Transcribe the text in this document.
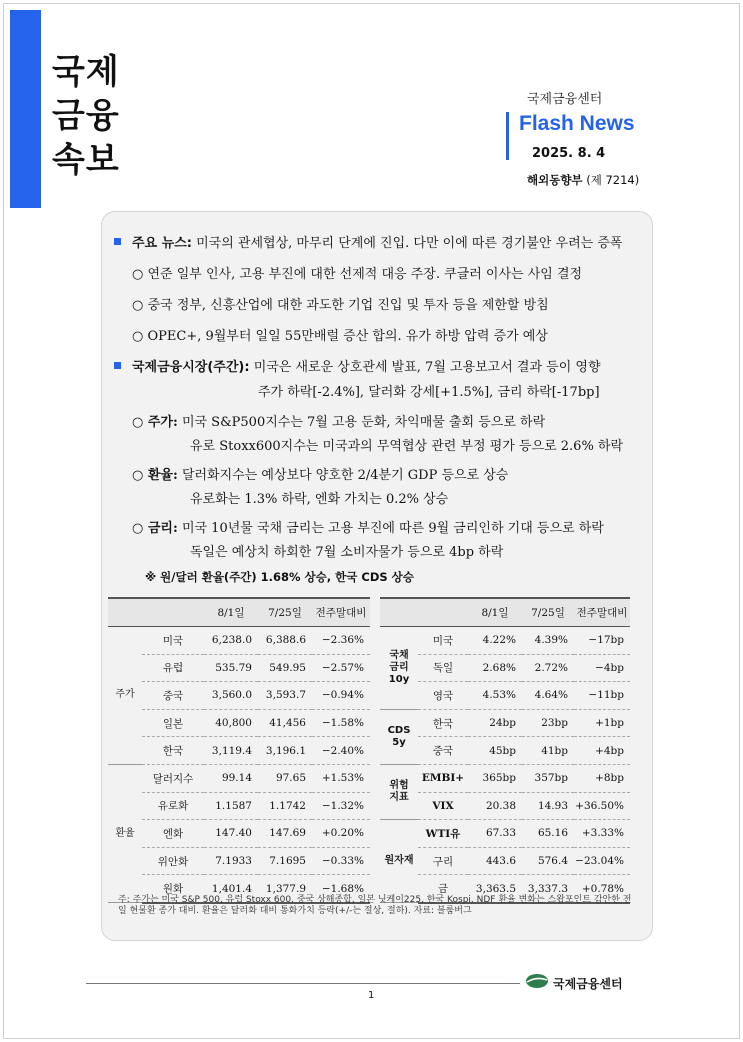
국제
금융
속보
국제금융센터
Flash News
2025. 8. 4
해외동향부 (제 7214)
주요 뉴스: 미국의 관세협상, 마무리 단계에 진입. 다만 이에 따른 경기불안 우려는 증폭
○ 연준 일부 인사, 고용 부진에 대한 선제적 대응 주장. 쿠글러 이사는 사임 결정
○ 중국 정부, 신흥산업에 대한 과도한 기업 진입 및 투자 등을 제한할 방침
○ OPEC+, 9월부터 일일 55만배럴 증산 합의. 유가 하방 압력 증가 예상
국제금융시장(주간): 미국은 새로운 상호관세 발표, 7월 고용보고서 결과 등이 영향
주가 하락[-2.4%], 달러화 강세[+1.5%], 금리 하락[-17bp]
○ 주가: 미국 S&P500지수는 7월 고용 둔화, 차익매물 출회 등으로 하락
유로 Stoxx600지수는 미국과의 무역협상 관련 부정 평가 등으로 2.6% 하락
○ 환율: 달러화지수는 예상보다 양호한 2/4분기 GDP 등으로 상승
유로화는 1.3% 하락, 엔화 가치는 0.2% 상승
○ 금리: 미국 10년물 국채 금리는 고용 부진에 따른 9월 금리인하 기대 등으로 하락
독일은 예상치 하회한 7월 소비자물가 등으로 4bp 하락
※ 원/달러 환율(주간) 1.68% 상승, 한국 CDS 상승
		8/1일	7/25일	전주말대비
주가	미국	6,238.0	6,388.6	−2.36%
	유럽	535.79	549.95	−2.57%
	중국	3,560.0	3,593.7	−0.94%
	일본	40,800	41,456	−1.58%
	한국	3,119.4	3,196.1	−2.40%
환율	달러지수	99.14	97.65	+1.53%
	유로화	1.1587	1.1742	−1.32%
	엔화	147.40	147.69	+0.20%
	위안화	7.1933	7.1695	−0.33%
	원화	1,401.4	1,377.9	−1.68%
		8/1일	7/25일	전주말대비
국채
금리
10y	미국	4.22%	4.39%	−17bp
	독일	2.68%	2.72%	−4bp
	영국	4.53%	4.64%	−11bp
CDS
5y	한국	24bp	23bp	+1bp
	중국	45bp	41bp	+4bp
위험
지표	EMBI+	365bp	357bp	+8bp
	VIX	20.38	14.93	+36.50%
원자재	WTI유	67.33	65.16	+3.33%
	구리	443.6	576.4	−23.04%
	금	3,363.5	3,337.3	+0.78%
주: 주가는 미국 S&P 500, 유럽 Stoxx 600, 중국 상해종합, 일본 닛케이225, 한국 Kospi. NDF 환율 변화는 스왑포인트 감안한 전일 현물환 종가 대비. 환율은 달러화 대비 통화가치 등락(+/-는 절상, 절하). 자료: 블룸버그
1
국제금융센터
